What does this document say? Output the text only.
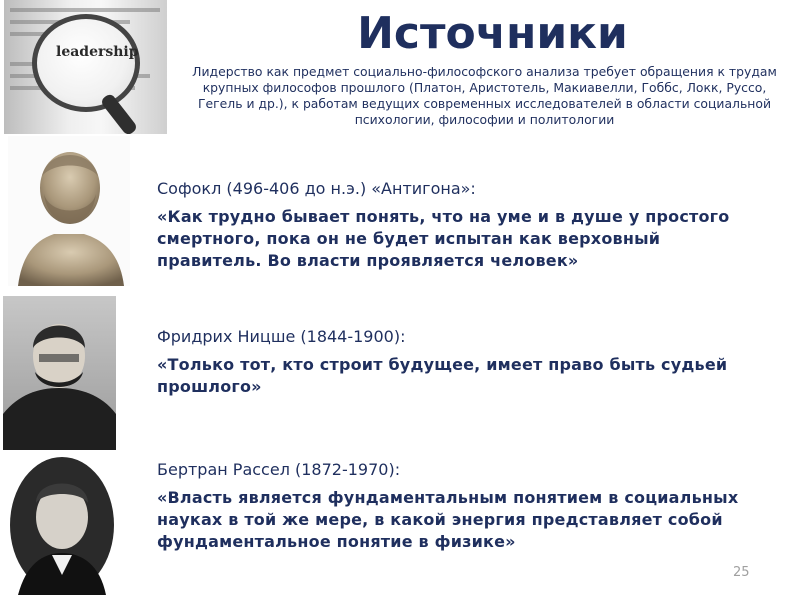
leadership	Источники
Лидерство как предмет социально-философского анализа требует обращения к трудам крупных философов прошлого (Платон, Аристотель, Макиавелли, Гоббс, Локк, Руссо, Гегель и др.), к работам ведущих современных исследователей в области социальной психологии, философии и политологии
Софокл (496-406 до н.э.) «Антигона»:
«Как трудно бывает понять, что на уме и в душе у простого смертного, пока он не будет испытан как верховный правитель. Во власти проявляется человек»
Фридрих Ницше (1844-1900):
«Только тот, кто строит будущее, имеет право быть судьей прошлого»
Бертран Рассел (1872-1970):
«Власть является фундаментальным понятием в социальных науках в той же мере, в какой энергия представляет собой фундаментальное понятие в физике»
25
